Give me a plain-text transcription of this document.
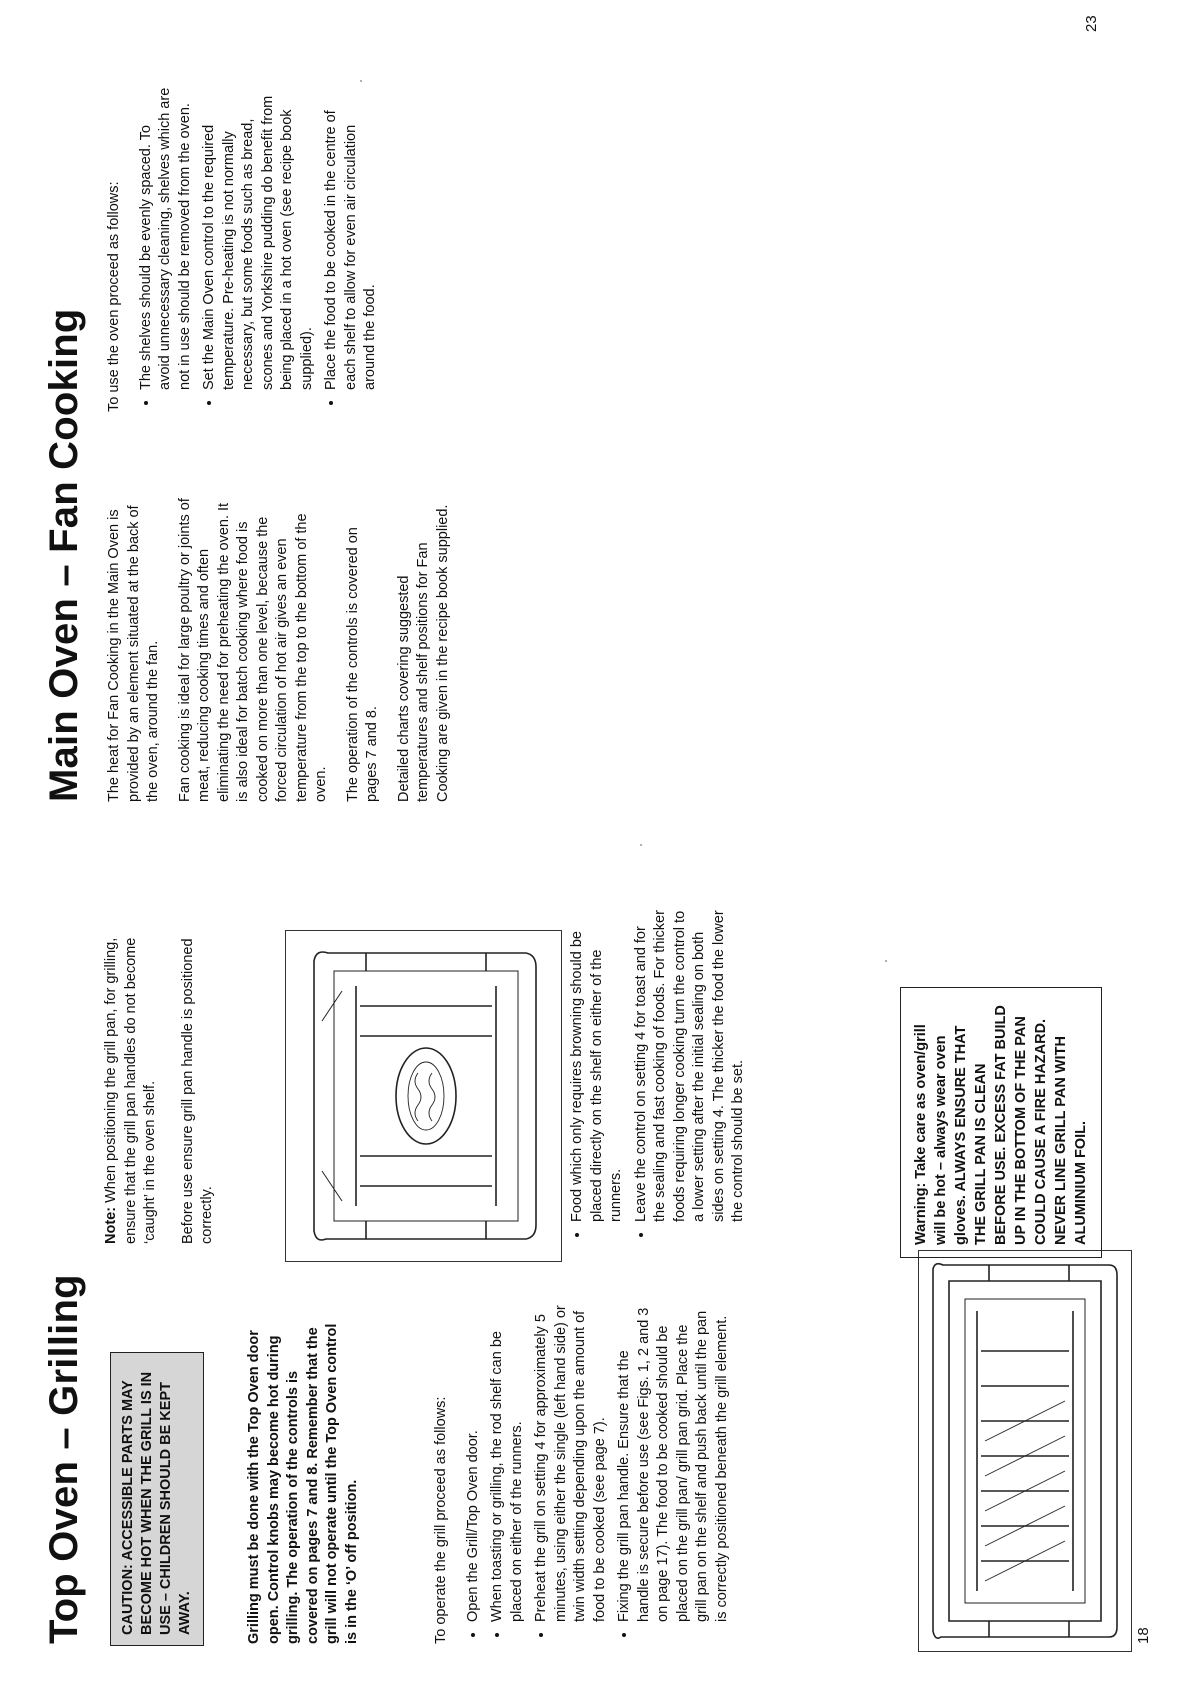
18
Top Oven – Grilling	CAUTION: ACCESSIBLE PARTS MAY BECOME HOT WHEN THE GRILL IS IN USE – CHILDREN SHOULD BE KEPT AWAY.	Grilling must be done with the Top Oven door open. Control knobs may become hot during grilling. The operation of the controls is covered on pages 7 and 8. Remember that the grill will not operate until the Top Oven control is in the ‘O’ off position.	To operate the grill proceed as follows: • Open the Grill/Top Oven door. • When toasting or grilling, the rod shelf can be placed on either of the runners. • Preheat the grill on setting 4 for approximately 5 minutes, using either the single (left hand side) or twin width setting depending upon the amount of food to be cooked (see page 7). • Fixing the grill pan handle. Ensure that the handle is secure before use (see Figs. 1, 2 and 3 on page 17). The food to be cooked should be placed on the grill pan/ grill pan grid. Place the grill pan on the shelf and push back until the pan is correctly positioned beneath the grill element.

Note: When positioning the grill pan, for grilling, ensure that the grill pan handles do not become ‘caught’ in the oven shelf. Before use ensure grill pan handle is positioned correctly.	• Food which only requires browning should be placed directly on the shelf on either of the runners. • Leave the control on setting 4 for toast and for the sealing and fast cooking of foods. For thicker foods requiring longer cooking turn the control to a lower setting after the initial sealing on both sides on setting 4. The thicker the food the lower the control should be set.	Warning: Take care as oven/grill will be hot – always wear oven gloves. ALWAYS ENSURE THAT THE GRILL PAN IS CLEAN BEFORE USE. EXCESS FAT BUILD UP IN THE BOTTOM OF THE PAN COULD CAUSE A FIRE HAZARD. NEVER LINE GRILL PAN WITH ALUMINIUM FOIL.
23
Main Oven – Fan Cooking The heat for Fan Cooking in the Main Oven is provided by an element situated at the back of the oven, around the fan. Fan cooking is ideal for large poultry or joints of meat, reducing cooking times and often eliminating the need for preheating the oven. It is also ideal for batch cooking where food is cooked on more than one level, because the forced circulation of hot air gives an even temperature from the top to the bottom of the oven. The operation of the controls is covered on pages 7 and 8. Detailed charts covering suggested temperatures and shelf positions for Fan Cooking are given in the recipe book supplied.

To use the oven proceed as follows: • The shelves should be evenly spaced. To avoid unnecessary cleaning, shelves which are not in use should be removed from the oven. • Set the Main Oven control to the required temperature. Pre-heating is not normally necessary, but some foods such as bread, scones and Yorkshire pudding do benefit from being placed in a hot oven (see recipe book supplied). • Place the food to be cooked in the centre of each shelf to allow for even air circulation around the food.
